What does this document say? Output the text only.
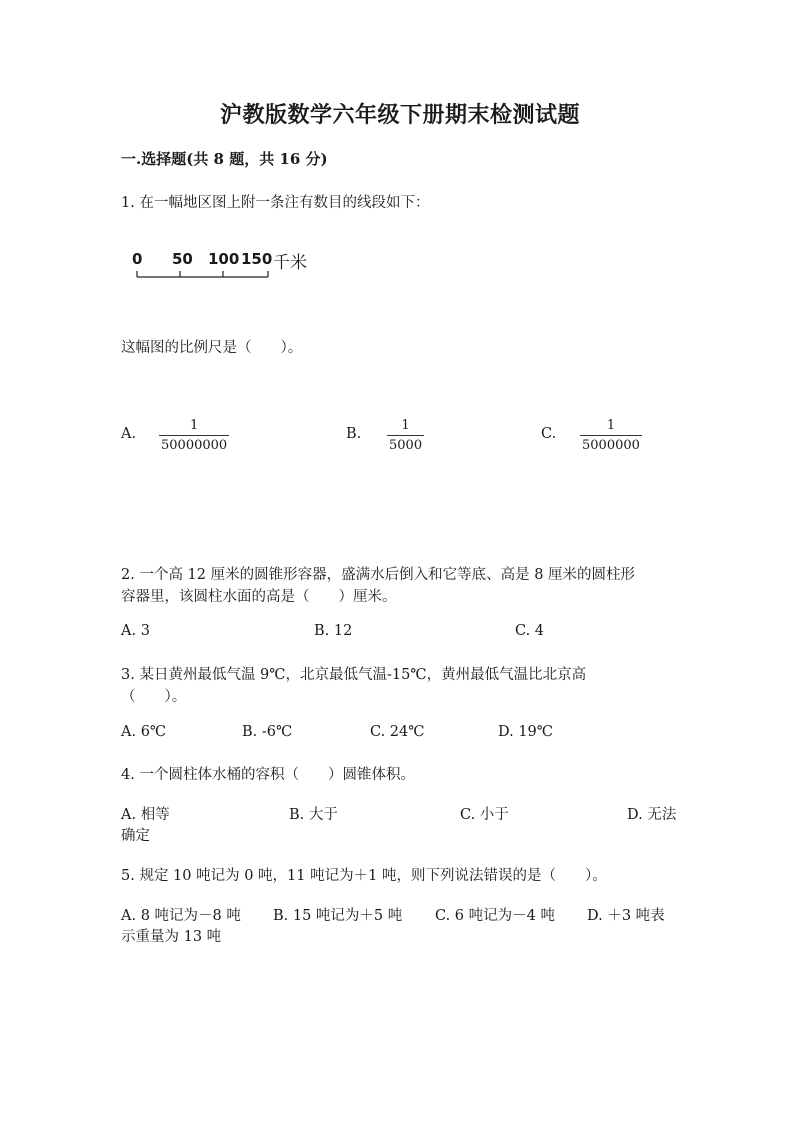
沪教版数学六年级下册期末检测试题
一.选择题(共 8 题，共 16 分)
1. 在一幅地区图上附一条注有数目的线段如下：
0 50 100 150 千米
这幅图的比例尺是（　　）。
A. $\frac{1}{50000000}$	B. $\frac{1}{5000}$	C. $\frac{1}{5000000}$
2. 一个高 12 厘米的圆锥形容器，盛满水后倒入和它等底、高是 8 厘米的圆柱形
容器里，该圆柱水面的高是（　　）厘米。
A. 3	B. 12	C. 4
3. 某日黄州最低气温 9℃，北京最低气温-15℃，黄州最低气温比北京高
（　　）。
A. 6℃	B. -6℃	C. 24℃	D. 19℃
4. 一个圆柱体水桶的容积（　　）圆锥体积。
A. 相等	B. 大于	C. 小于	D. 无法
确定
5. 规定 10 吨记为 0 吨，11 吨记为＋1 吨，则下列说法错误的是（　　）。
A. 8 吨记为－8 吨 B. 15 吨记为＋5 吨 C. 6 吨记为－4 吨 D. ＋3 吨表
示重量为 13 吨
